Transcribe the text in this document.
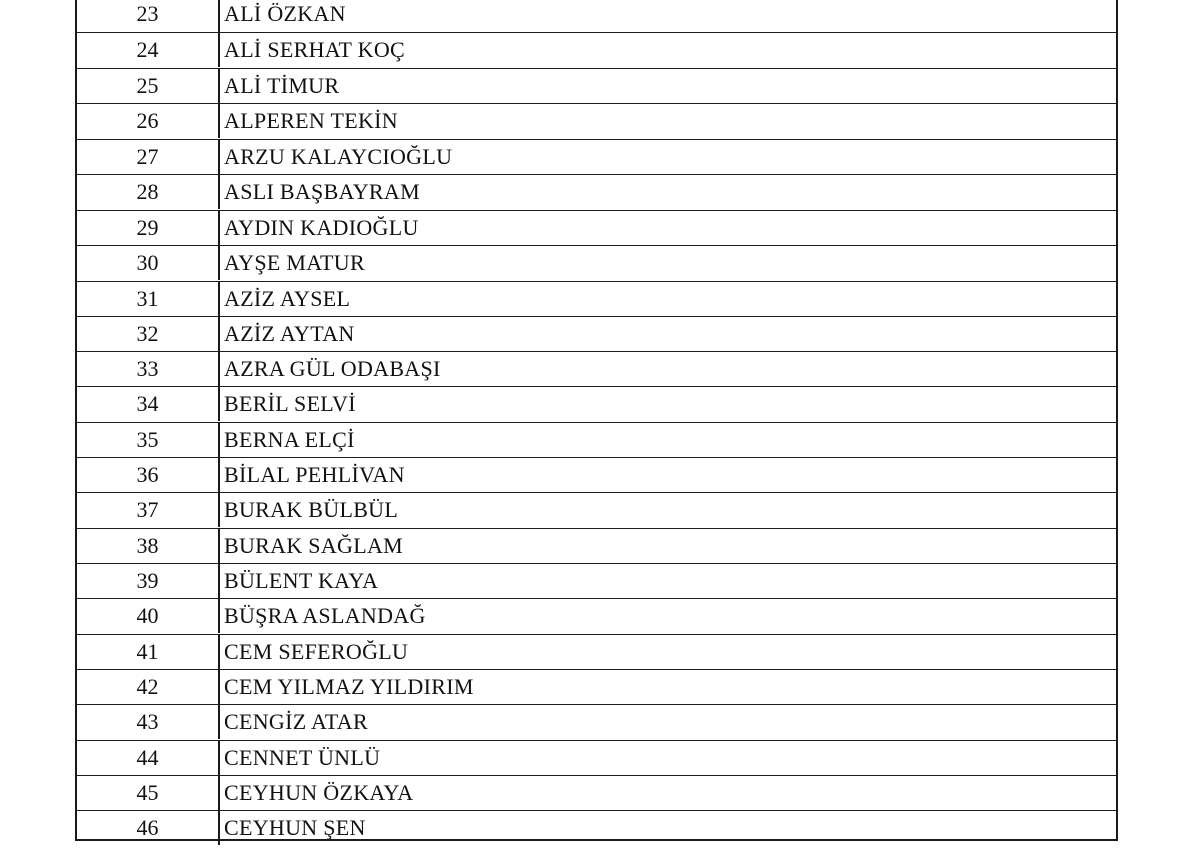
23	ALİ ÖZKAN
24	ALİ SERHAT KOÇ
25	ALİ TİMUR
26	ALPEREN TEKİN
27	ARZU KALAYCIOĞLU
28	ASLI BAŞBAYRAM
29	AYDIN KADIOĞLU
30	AYŞE MATUR
31	AZİZ AYSEL
32	AZİZ AYTAN
33	AZRA GÜL ODABAŞI
34	BERİL SELVİ
35	BERNA ELÇİ
36	BİLAL PEHLİVAN
37	BURAK BÜLBÜL
38	BURAK SAĞLAM
39	BÜLENT KAYA
40	BÜŞRA ASLANDAĞ
41	CEM SEFEROĞLU
42	CEM YILMAZ YILDIRIM
43	CENGİZ ATAR
44	CENNET ÜNLÜ
45	CEYHUN ÖZKAYA
46	CEYHUN ŞEN
